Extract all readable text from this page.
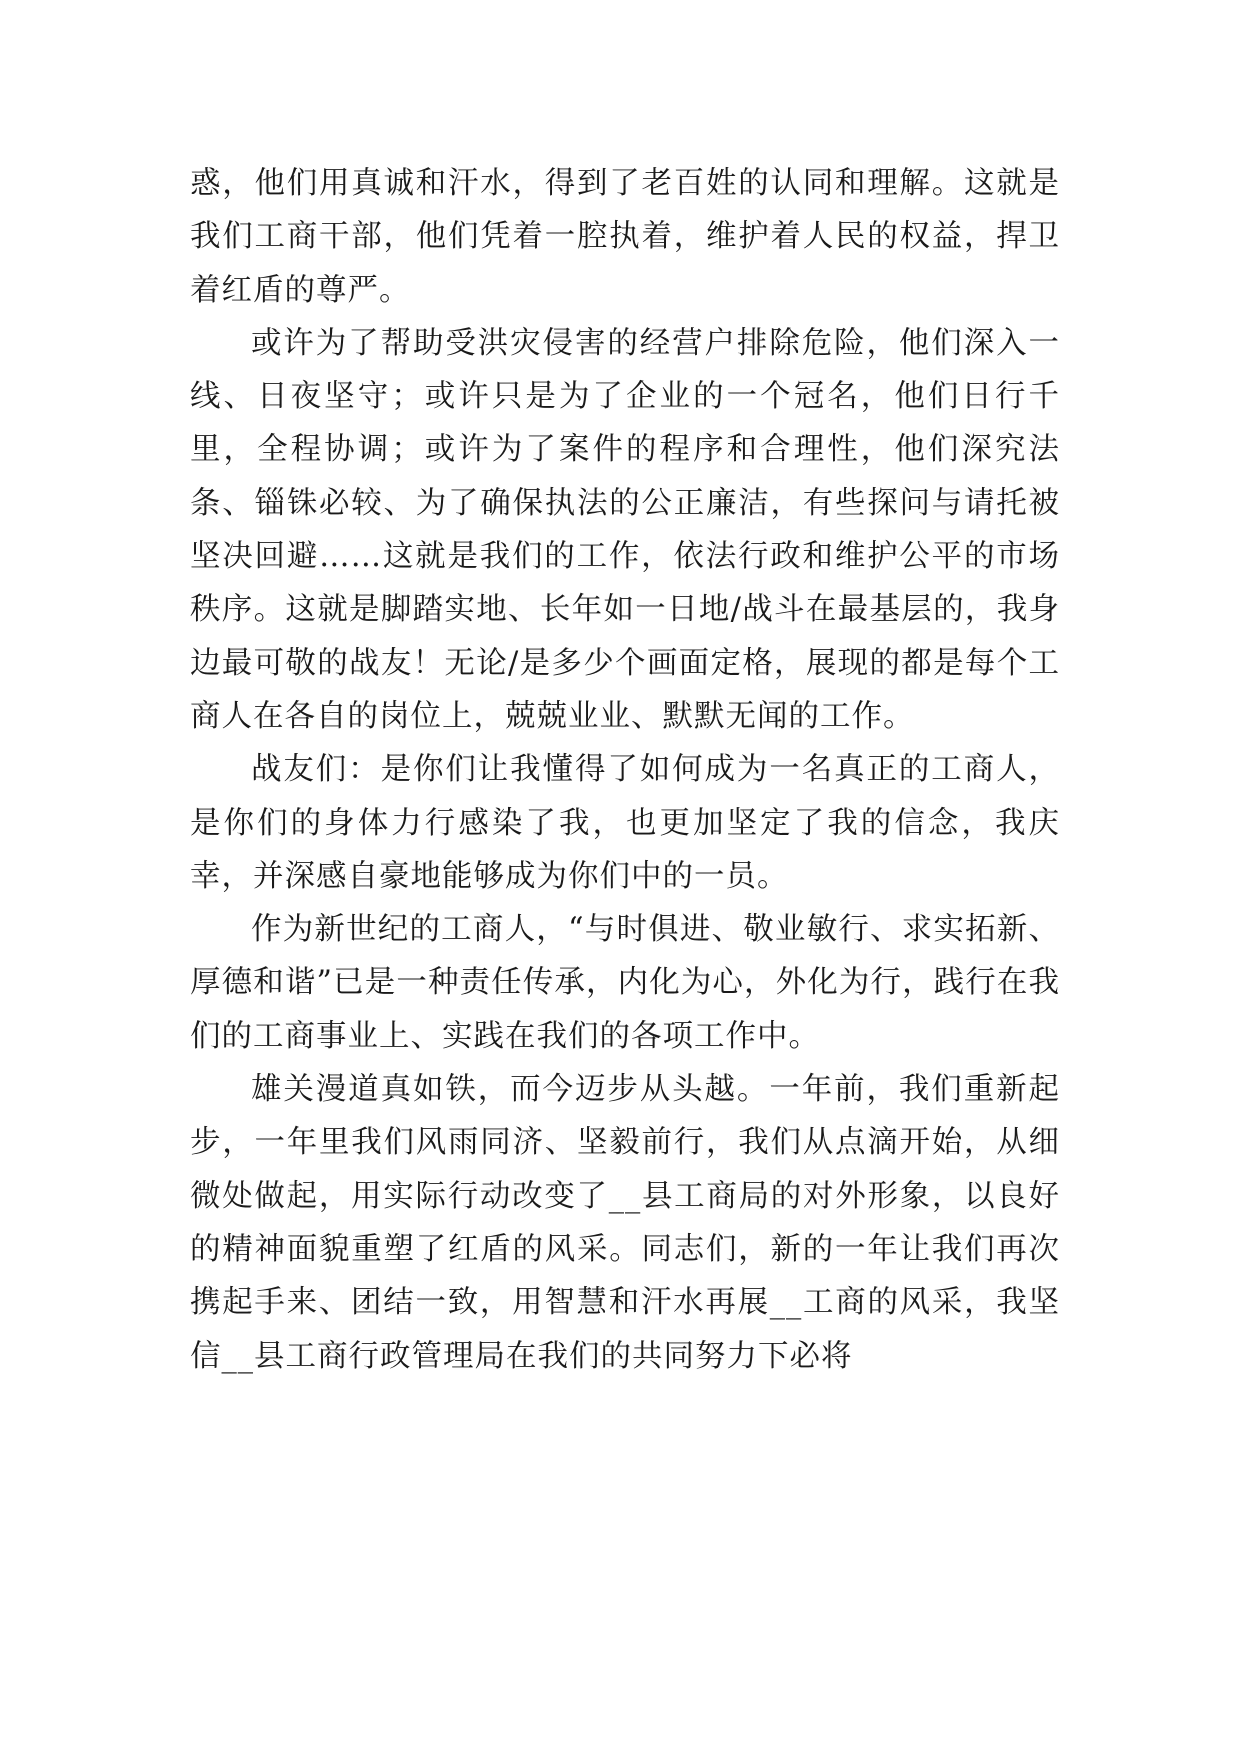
惑，他们用真诚和汗水，得到了老百姓的认同和理解。这就是我们工商干部，他们凭着一腔执着，维护着人民的权益，捍卫着红盾的尊严。

或许为了帮助受洪灾侵害的经营户排除危险，他们深入一线、日夜坚守；或许只是为了企业的一个冠名，他们日行千里，全程协调；或许为了案件的程序和合理性，他们深究法条、锱铢必较、为了确保执法的公正廉洁，有些探问与请托被坚决回避……这就是我们的工作，依法行政和维护公平的市场秩序。这就是脚踏实地、长年如一日地/战斗在最基层的，我身边最可敬的战友！无论/是多少个画面定格，展现的都是每个工商人在各自的岗位上，兢兢业业、默默无闻的工作。

战友们：是你们让我懂得了如何成为一名真正的工商人，是你们的身体力行感染了我，也更加坚定了我的信念，我庆幸，并深感自豪地能够成为你们中的一员。

作为新世纪的工商人，“与时俱进、敬业敏行、求实拓新、厚德和谐”已是一种责任传承，内化为心，外化为行，践行在我们的工商事业上、实践在我们的各项工作中。

雄关漫道真如铁，而今迈步从头越。一年前，我们重新起步，一年里我们风雨同济、坚毅前行，我们从点滴开始，从细微处做起，用实际行动改变了__县工商局的对外形象，以良好的精神面貌重塑了红盾的风采。同志们，新的一年让我们再次携起手来、团结一致，用智慧和汗水再展__工商的风采，我坚信__县工商行政管理局在我们的共同努力下必将
